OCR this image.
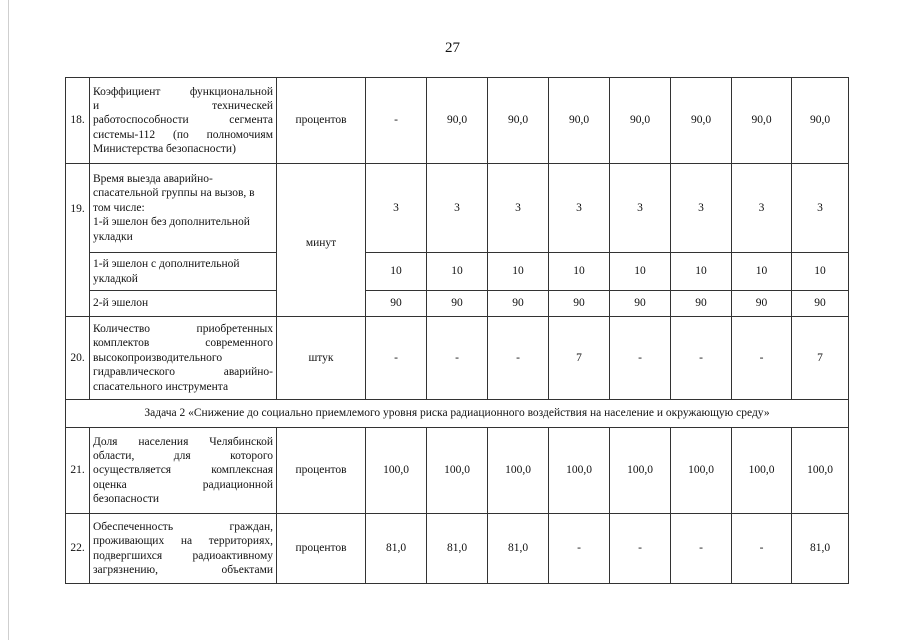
27
18.	Коэффициент функциональной
и техническей
работоспособности сегмента
системы-112 (по полномочиям
Министерства безопасности)	процентов	-	90,0	90,0	90,0	90,0	90,0	90,0	90,0
19.	Время выезда аварийно-
спасательной группы на вызов, в
том числе:
1-й эшелон без дополнительной
укладки	минут	3	3	3	3	3	3	3	3

	1-й эшелон с дополнительной
укладкой		10	10	10	10	10	10	10	10

	2-й эшелон		90	90	90	90	90	90	90	90
20.	Количество приобретенных
комплектов современного
высокопроизводительного
гидравлического аварийно-
спасательного инструмента	штук	-	-	-	7	-	-	-	7
Задача 2 «Снижение до социально приемлемого уровня риска радиационного воздействия на население и окружающую среду»										
21.	Доля населения Челябинской
области, для которого
осуществляется комплексная
оценка радиационной
безопасности	процентов	100,0	100,0	100,0	100,0	100,0	100,0	100,0	100,0
22.	Обеспеченность граждан,
проживающих на территориях,
подвергшихся радиоактивному
загрязнению, объектами	процентов	81,0	81,0	81,0	-	-	-	-	81,0
